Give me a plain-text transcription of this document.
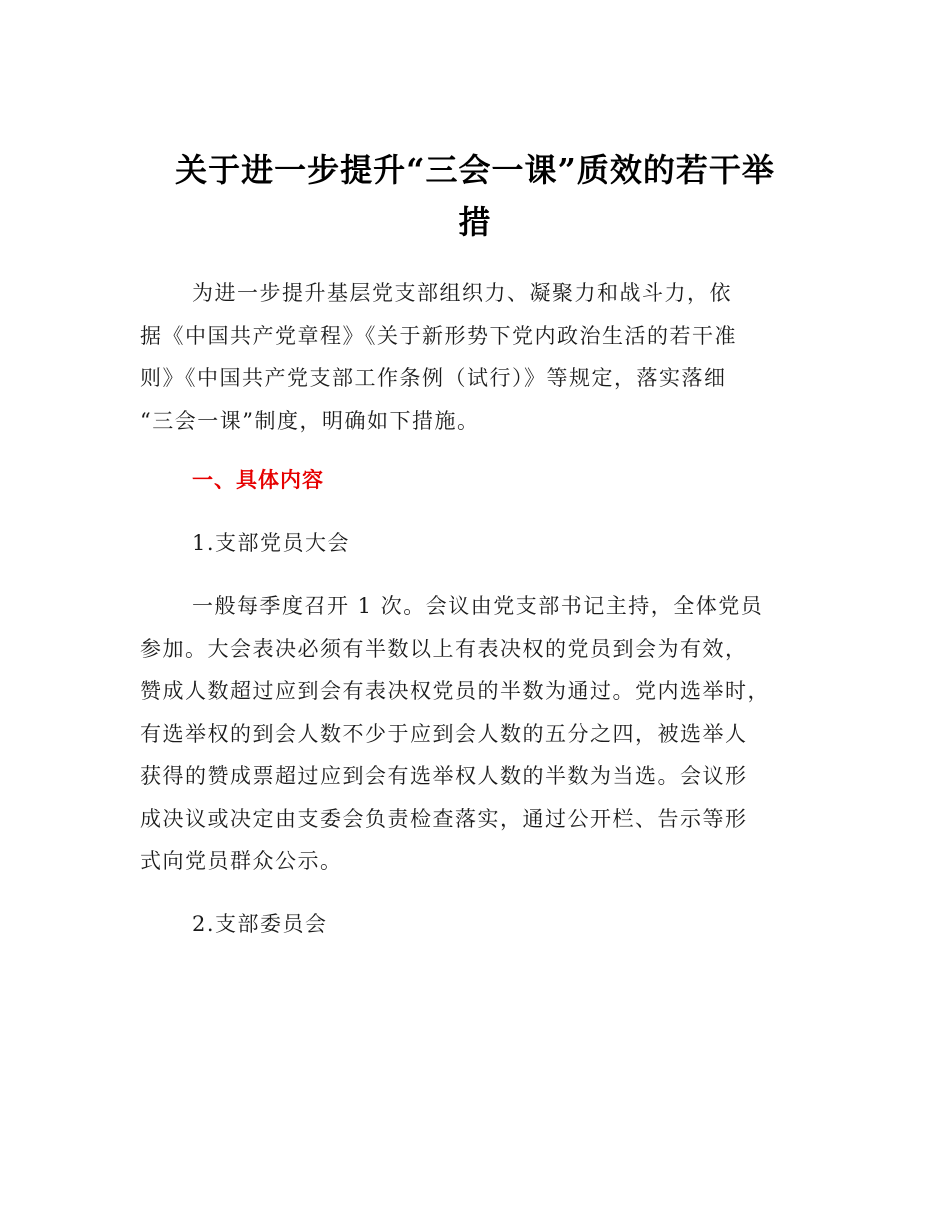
关于进一步提升“三会一课”质效的若干举
措
为进一步提升基层党支部组织力、凝聚力和战斗力，依
据《中国共产党章程》《关于新形势下党内政治生活的若干准
则》《中国共产党支部工作条例（试行）》等规定，落实落细
“三会一课”制度，明确如下措施。
一、具体内容
1.支部党员大会
一般每季度召开 1 次。会议由党支部书记主持，全体党员
参加。大会表决必须有半数以上有表决权的党员到会为有效，
赞成人数超过应到会有表决权党员的半数为通过。党内选举时，
有选举权的到会人数不少于应到会人数的五分之四，被选举人
获得的赞成票超过应到会有选举权人数的半数为当选。会议形
成决议或决定由支委会负责检查落实，通过公开栏、告示等形
式向党员群众公示。
2.支部委员会
